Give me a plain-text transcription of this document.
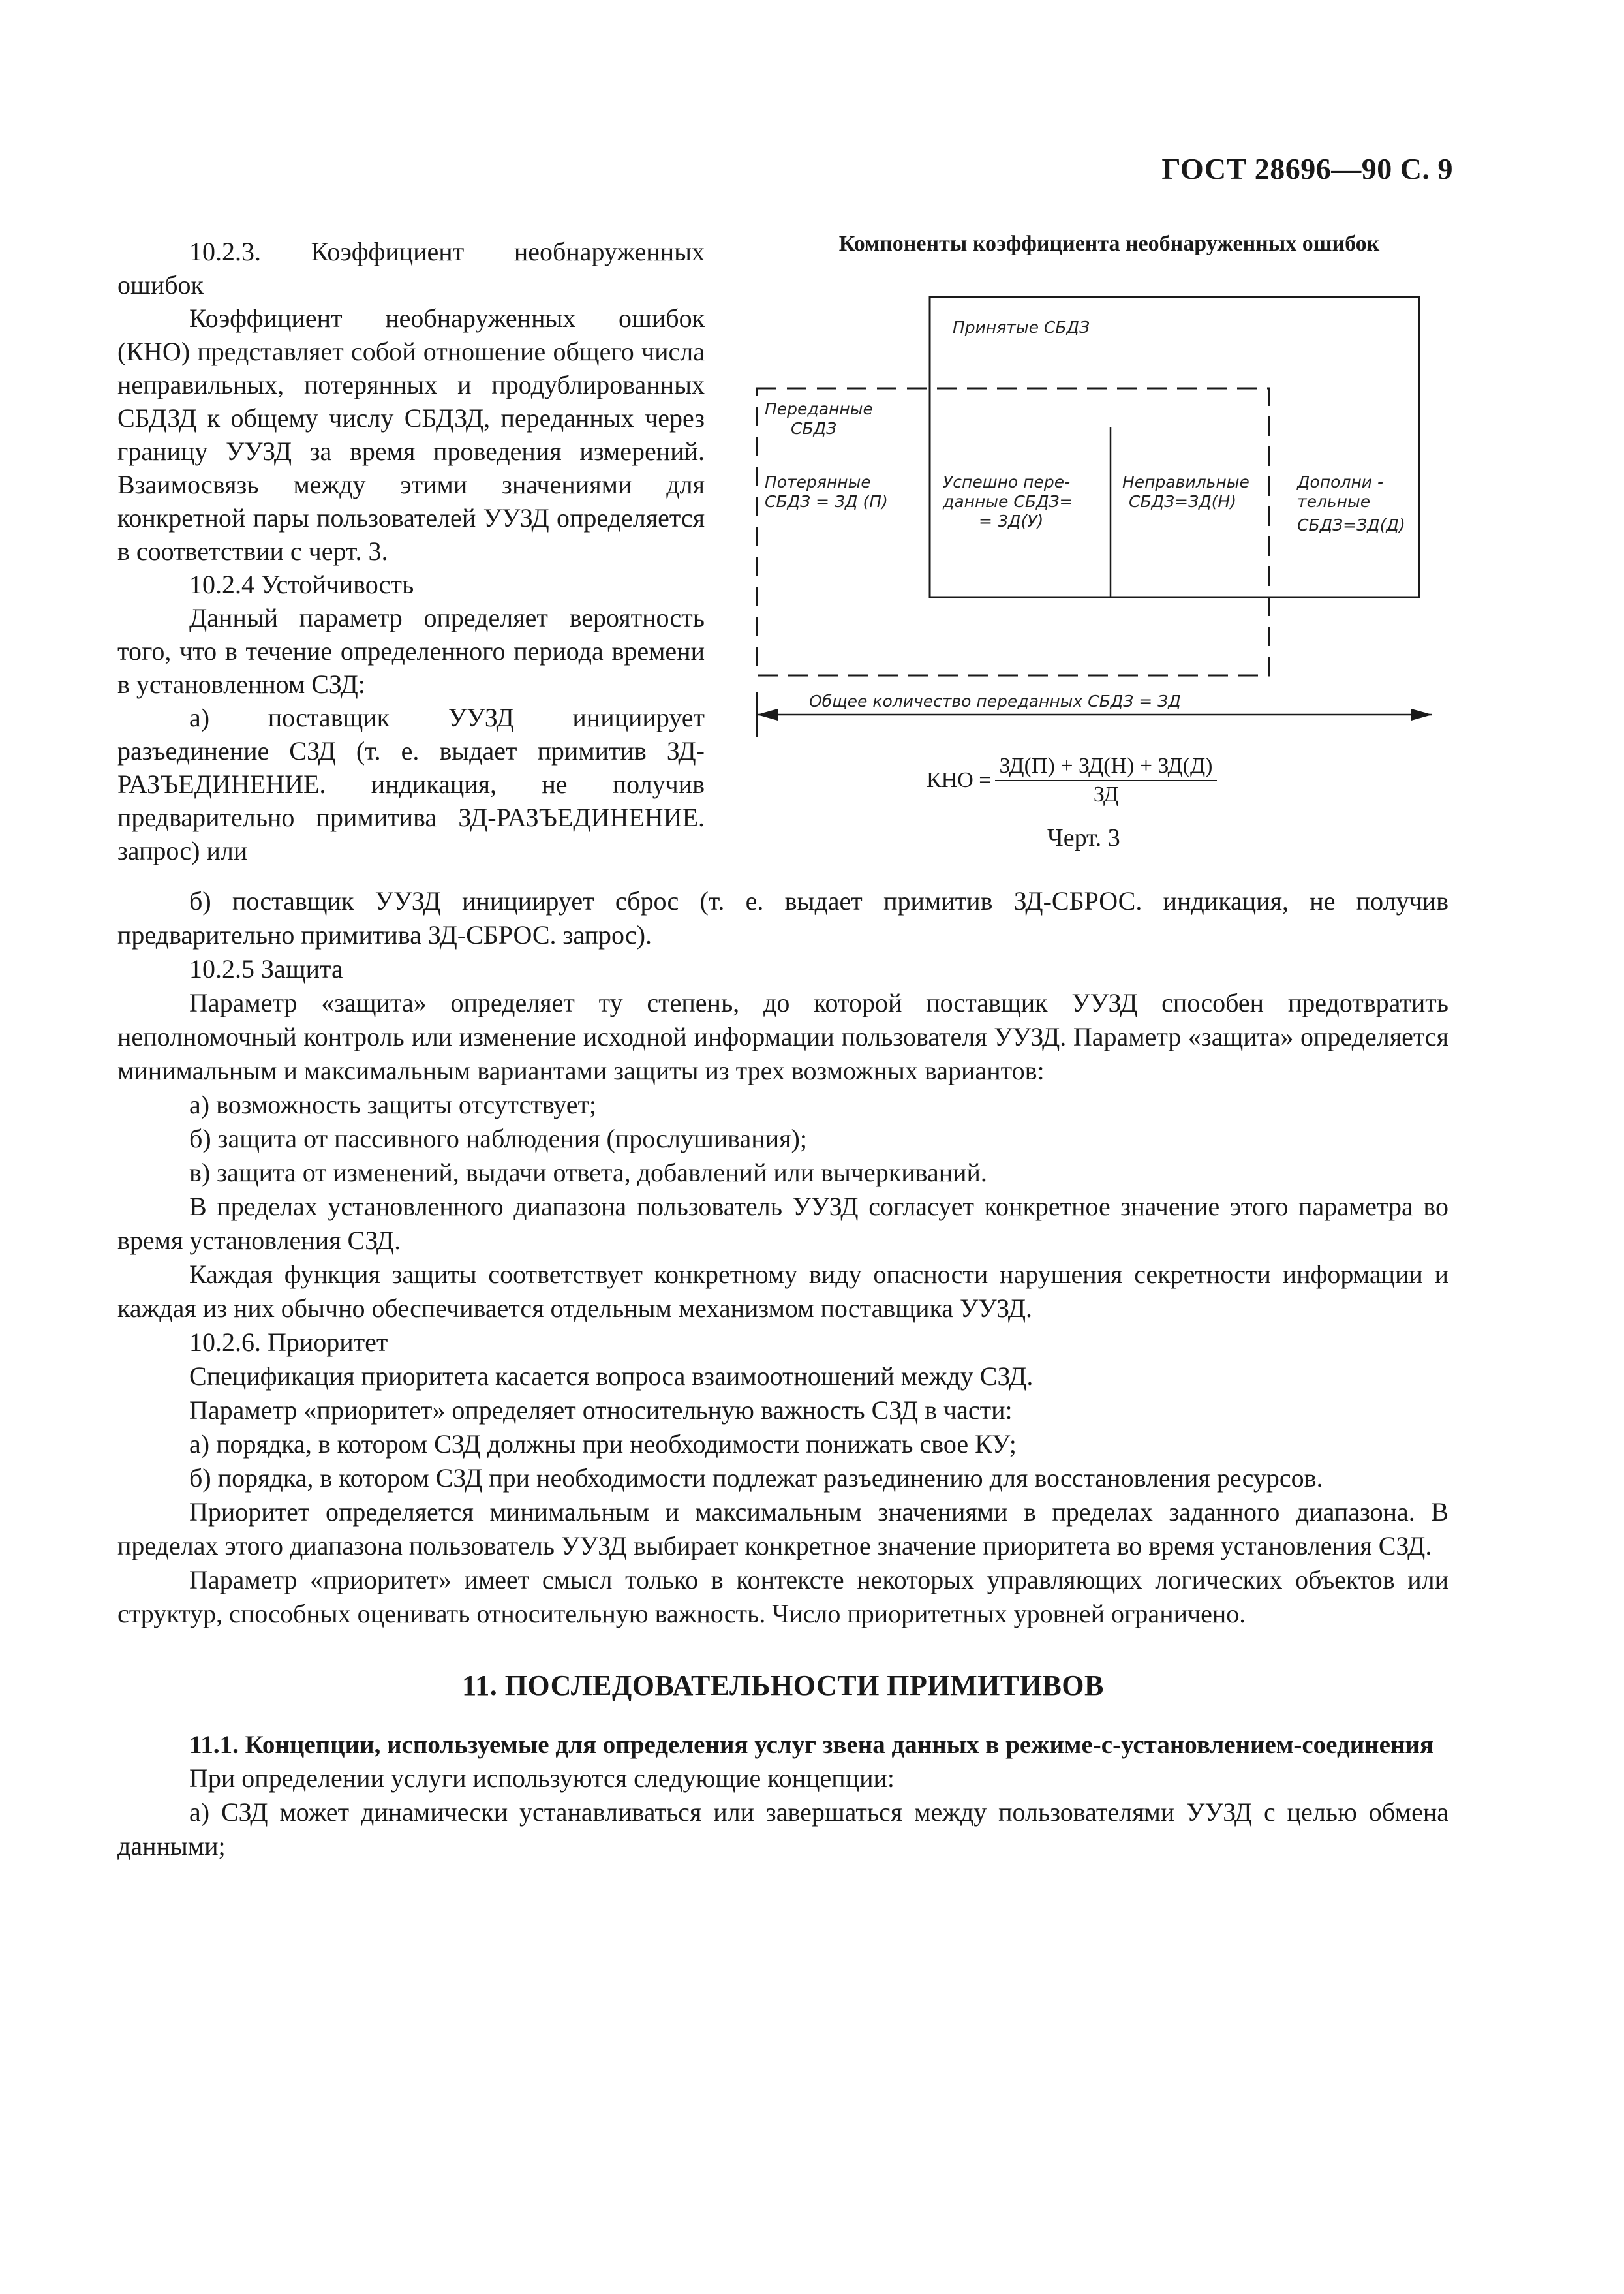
ГОСТ 28696—90 С. 9

10.2.3. Коэффициент необнаруженных ошибок

Коэффициент необнаруженных ошибок (КНО) представляет собой отношение общего числа неправильных, потерянных и продублированных СБДЗД к общему числу СБДЗД, переданных через границу УУЗД за время проведения измерений. Взаимосвязь между этими значениями для конкретной пары пользователей УУЗД определяется в соответствии с черт. 3.

10.2.4 Устойчивость

Данный параметр определяет вероятность того, что в течение определенного периода времени в установленном СЗД:

а) поставщик УУЗД инициирует разъединение СЗД (т. е. выдает примитив ЗД-РАЗЪЕДИНЕНИЕ. индикация, не получив предварительно примитива ЗД-РАЗЪЕДИНЕНИЕ. запрос) или

Компоненты коэффициента необнаруженных ошибок
Принятые СБДЗ
Переданные
СБДЗ
Потерянные
СБДЗ = ЗД (П)
Успешно пере-
данные СБДЗ=
= ЗД(У)
Неправильные
СБДЗ=ЗД(Н)
Дополни -
тельные
СБДЗ=ЗД(Д)
Общее количество переданных СБДЗ = ЗД
КНО = $\frac{ЗД(П) + ЗД(Н) + ЗД(Д)}{ЗД}$
Черт. 3

б) поставщик УУЗД инициирует сброс (т. е. выдает примитив ЗД-СБРОС. индикация, не получив предварительно примитива ЗД-СБРОС. запрос).

10.2.5 Защита

Параметр «защита» определяет ту степень, до которой поставщик УУЗД способен предотвратить неполномочный контроль или изменение исходной информации пользователя УУЗД. Параметр «защита» определяется минимальным и максимальным вариантами защиты из трех возможных вариантов:

а) возможность защиты отсутствует;

б) защита от пассивного наблюдения (прослушивания);

в) защита от изменений, выдачи ответа, добавлений или вычеркиваний.

В пределах установленного диапазона пользователь УУЗД согласует конкретное значение этого параметра во время установления СЗД.

Каждая функция защиты соответствует конкретному виду опасности нарушения секретности информации и каждая из них обычно обеспечивается отдельным механизмом поставщика УУЗД.

10.2.6. Приоритет

Спецификация приоритета касается вопроса взаимоотношений между СЗД.

Параметр «приоритет» определяет относительную важность СЗД в части:

а) порядка, в котором СЗД должны при необходимости понижать свое КУ;

б) порядка, в котором СЗД при необходимости подлежат разъединению для восстановления ресурсов.

Приоритет определяется минимальным и максимальным значениями в пределах заданного диапазона. В пределах этого диапазона пользователь УУЗД выбирает конкретное значение приоритета во время установления СЗД.

Параметр «приоритет» имеет смысл только в контексте некоторых управляющих логических объектов или структур, способных оценивать относительную важность. Число приоритетных уровней ограничено.

11. ПОСЛЕДОВАТЕЛЬНОСТИ ПРИМИТИВОВ
11.1. Концепции, используемые для определения услуг звена данных в режиме-с-установлением-соединения

При определении услуги используются следующие концепции:

а) СЗД может динамически устанавливаться или завершаться между пользователями УУЗД с целью обмена данными;
